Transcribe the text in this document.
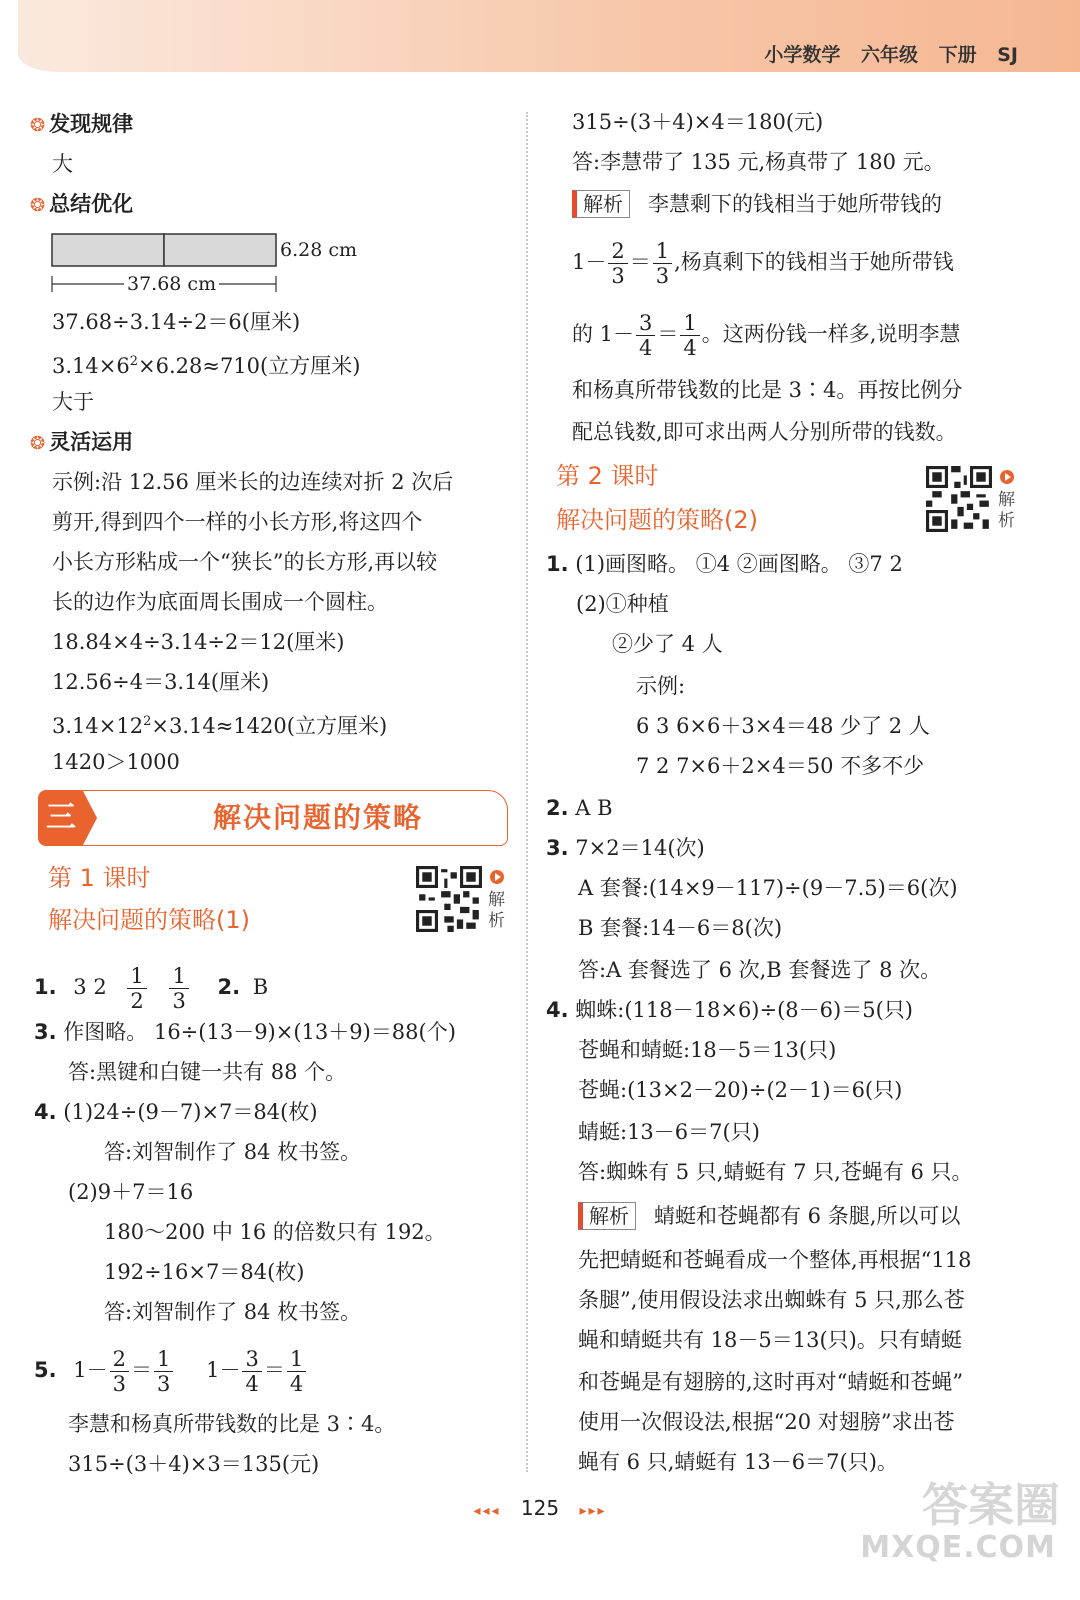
小学数学 六年级 下册 SJ
❂ 发现规律
大
❂ 总结优化
6.28 cm
37.68 cm
37.68÷3.14÷2＝6(厘米)
$3.14\times 6^2\times 6.28\approx 710$(立方厘米)
大于
❂ 灵活运用
示例:沿 12.56 厘米长的边连续对折 2 次后
剪开,得到四个一样的小长方形,将这四个
小长方形粘成一个“狭长”的长方形,再以较
长的边作为底面周长围成一个圆柱。
18.84×4÷3.14÷2＝12(厘米)
12.56÷4＝3.14(厘米)
$3.14\times 12^2\times 3.14\approx 1420$(立方厘米)
1420＞1000
三	解决问题的策略
第 1 课时
解决问题的策略(1)
解析
1. 3 $2 \frac{1}{2}$
$\frac{1}{3} 2$. B
3. 作图略。 16÷(13－9)×(13＋9)＝88(个)
答:黑键和白键一共有 88 个。
4. (1)24÷(9－7)×7＝84(枚)
答:刘智制作了 84 枚书签。
(2)9＋7＝16
180～200 中 16 的倍数只有 192。
192÷16×7＝84(枚)
答:刘智制作了 84 枚书签。
5. $1- \frac{2}{3} = \frac{1}{3} 1- \frac{3}{4} = \frac{1}{4}$
李慧和杨真所带钱数的比是 3∶4。
315÷(3＋4)×3＝135(元)
315÷(3＋4)×4＝180(元)
答:李慧带了 135 元,杨真带了 180 元。
解析 李慧剩下的钱相当于她所带钱的
$1- \frac{2}{3} = \frac{1}{3}$ ,杨真剩下的钱相当于她所带钱
的 $1- \frac{3}{4} = \frac{1}{4}$ 。这两份钱一样多,说明李慧
和杨真所带钱数的比是 3∶4。再按比例分
配总钱数,即可求出两人分别所带的钱数。
第 2 课时
解决问题的策略(2)
解析
1. (1)画图略。 ①4 ②画图略。 ③7 2
(2)①种植
②少了 4 人
示例:
6 3 6×6＋3×4＝48 少了 2 人
7 2 7×6＋2×4＝50 不多不少
2. A B
3. 7×2＝14(次)
A 套餐:(14×9－117)÷(9－7.5)＝6(次)
B 套餐:14－6＝8(次)
答:A 套餐选了 6 次,B 套餐选了 8 次。
4. 蜘蛛:(118－18×6)÷(8－6)＝5(只)
苍蝇和蜻蜓:18－5＝13(只)
苍蝇:(13×2－20)÷(2－1)＝6(只)
蜻蜓:13－6＝7(只)
答:蜘蛛有 5 只,蜻蜓有 7 只,苍蝇有 6 只。
解析 蜻蜓和苍蝇都有 6 条腿,所以可以
先把蜻蜓和苍蝇看成一个整体,再根据“118
条腿”,使用假设法求出蜘蛛有 5 只,那么苍
蝇和蜻蜓共有 18－5＝13(只)。只有蜻蜓
和苍蝇是有翅膀的,这时再对“蜻蜓和苍蝇”
使用一次假设法,根据“20 对翅膀”求出苍
蝇有 6 只,蜻蜓有 13－6＝7(只)。
◂◂◂ 125 ▸▸▸	答案圈
MXQE.COM
